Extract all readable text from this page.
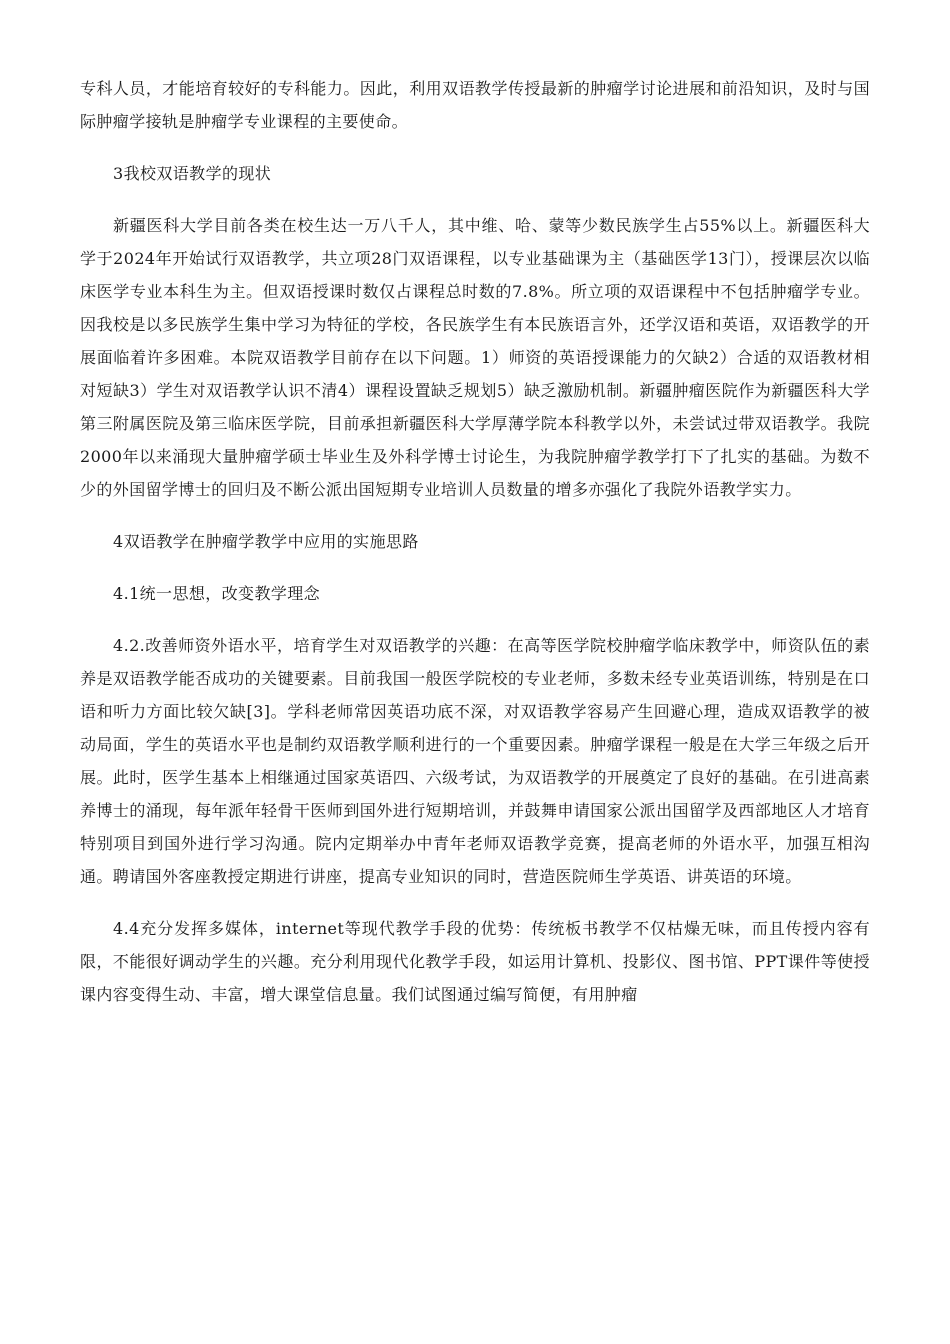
专科人员，才能培育较好的专科能力。因此，利用双语教学传授最新的肿瘤学讨论进展和前沿知识，及时与国际肿瘤学接轨是肿瘤学专业课程的主要使命。

3我校双语教学的现状

新疆医科大学目前各类在校生达一万八千人，其中维、哈、蒙等少数民族学生占55%以上。新疆医科大学于2024年开始试行双语教学，共立项28门双语课程，以专业基础课为主（基础医学13门），授课层次以临床医学专业本科生为主。但双语授课时数仅占课程总时数的7.8%。所立项的双语课程中不包括肿瘤学专业。因我校是以多民族学生集中学习为特征的学校，各民族学生有本民族语言外，还学汉语和英语，双语教学的开展面临着许多困难。本院双语教学目前存在以下问题。1）师资的英语授课能力的欠缺2）合适的双语教材相对短缺3）学生对双语教学认识不清4）课程设置缺乏规划5）缺乏激励机制。新疆肿瘤医院作为新疆医科大学第三附属医院及第三临床医学院，目前承担新疆医科大学厚薄学院本科教学以外，未尝试过带双语教学。我院2000年以来涌现大量肿瘤学硕士毕业生及外科学博士讨论生，为我院肿瘤学教学打下了扎实的基础。为数不少的外国留学博士的回归及不断公派出国短期专业培训人员数量的增多亦强化了我院外语教学实力。

4双语教学在肿瘤学教学中应用的实施思路

4.1统一思想，改变教学理念

4.2.改善师资外语水平，培育学生对双语教学的兴趣：在高等医学院校肿瘤学临床教学中，师资队伍的素养是双语教学能否成功的关键要素。目前我国一般医学院校的专业老师，多数未经专业英语训练，特别是在口语和听力方面比较欠缺[3]。学科老师常因英语功底不深，对双语教学容易产生回避心理，造成双语教学的被动局面，学生的英语水平也是制约双语教学顺利进行的一个重要因素。肿瘤学课程一般是在大学三年级之后开展。此时，医学生基本上相继通过国家英语四、六级考试，为双语教学的开展奠定了良好的基础。在引进高素养博士的涌现，每年派年轻骨干医师到国外进行短期培训，并鼓舞申请国家公派出国留学及西部地区人才培育特别项目到国外进行学习沟通。院内定期举办中青年老师双语教学竞赛，提高老师的外语水平，加强互相沟通。聘请国外客座教授定期进行讲座，提高专业知识的同时，营造医院师生学英语、讲英语的环境。

4.4充分发挥多媒体，internet等现代教学手段的优势：传统板书教学不仅枯燥无味，而且传授内容有限，不能很好调动学生的兴趣。充分利用现代化教学手段，如运用计算机、投影仪、图书馆、PPT课件等使授课内容变得生动、丰富，增大课堂信息量。我们试图通过编写简便，有用肿瘤
